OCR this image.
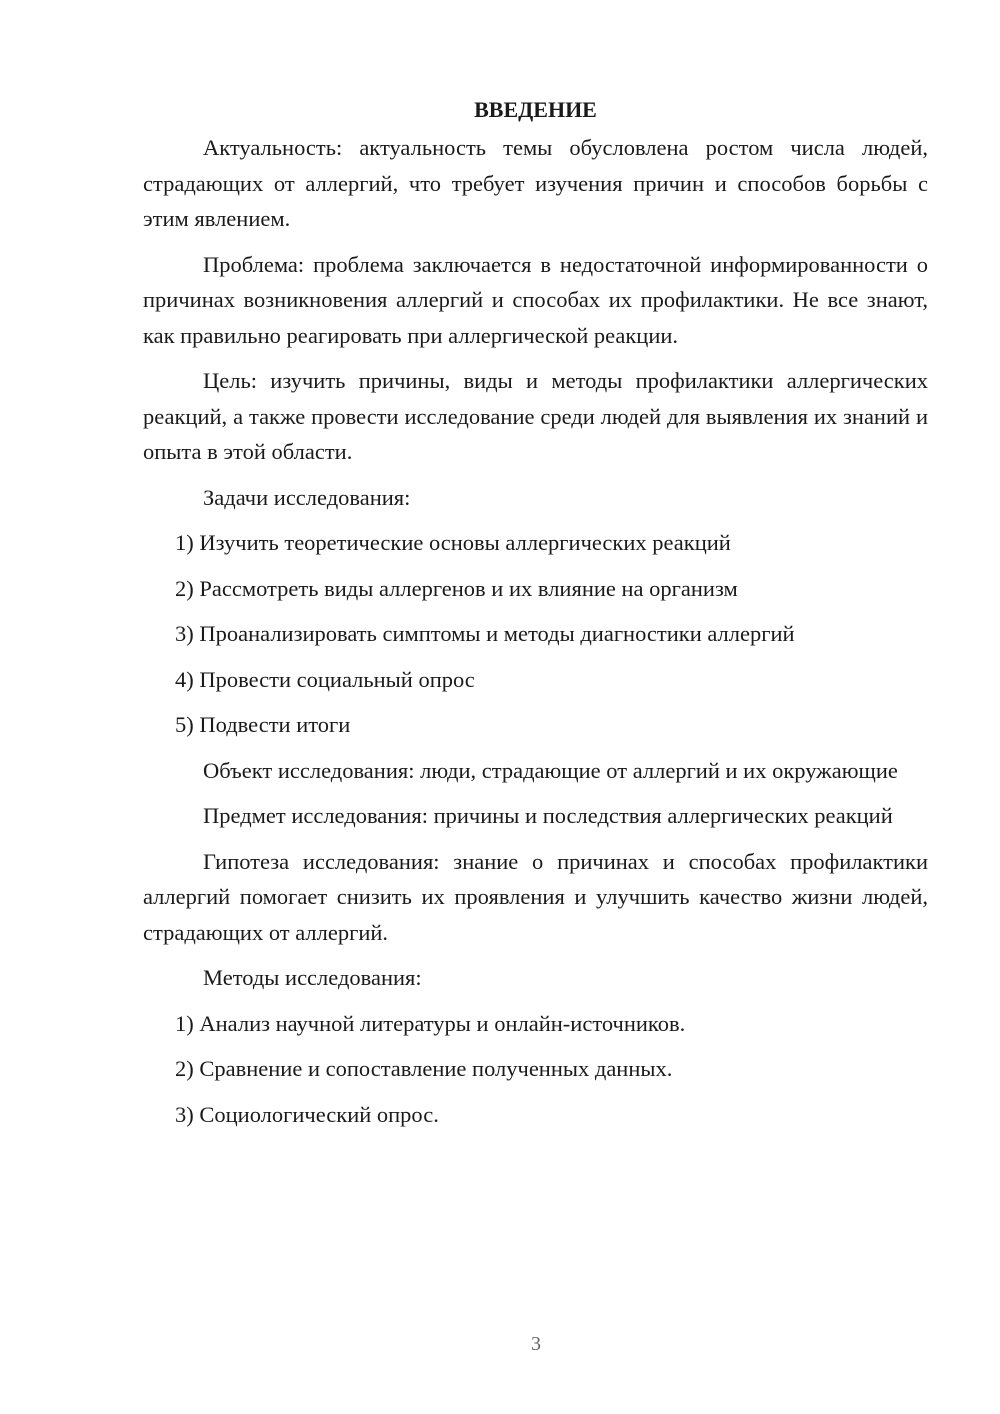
ВВЕДЕНИЕ

Актуальность: актуальность темы обусловлена ростом числа людей, страдающих от аллергий, что требует изучения причин и способов борьбы с этим явлением.

Проблема: проблема заключается в недостаточной информированности о причинах возникновения аллергий и способах их профилактики. Не все знают, как правильно реагировать при аллергической реакции.

Цель: изучить причины, виды и методы профилактики аллергических реакций, а также провести исследование среди людей для выявления их знаний и опыта в этой области.

Задачи исследования:

1) Изучить теоретические основы аллергических реакций

2) Рассмотреть виды аллергенов и их влияние на организм

3) Проанализировать симптомы и методы диагностики аллергий

4) Провести социальный опрос

5) Подвести итоги

Объект исследования: люди, страдающие от аллергий и их окружающие

Предмет исследования: причины и последствия аллергических реакций

Гипотеза исследования: знание о причинах и способах профилактики аллергий помогает снизить их проявления и улучшить качество жизни людей, страдающих от аллергий.

Методы исследования:

1) Анализ научной литературы и онлайн-источников.

2) Сравнение и сопоставление полученных данных.

3) Социологический опрос.

3
